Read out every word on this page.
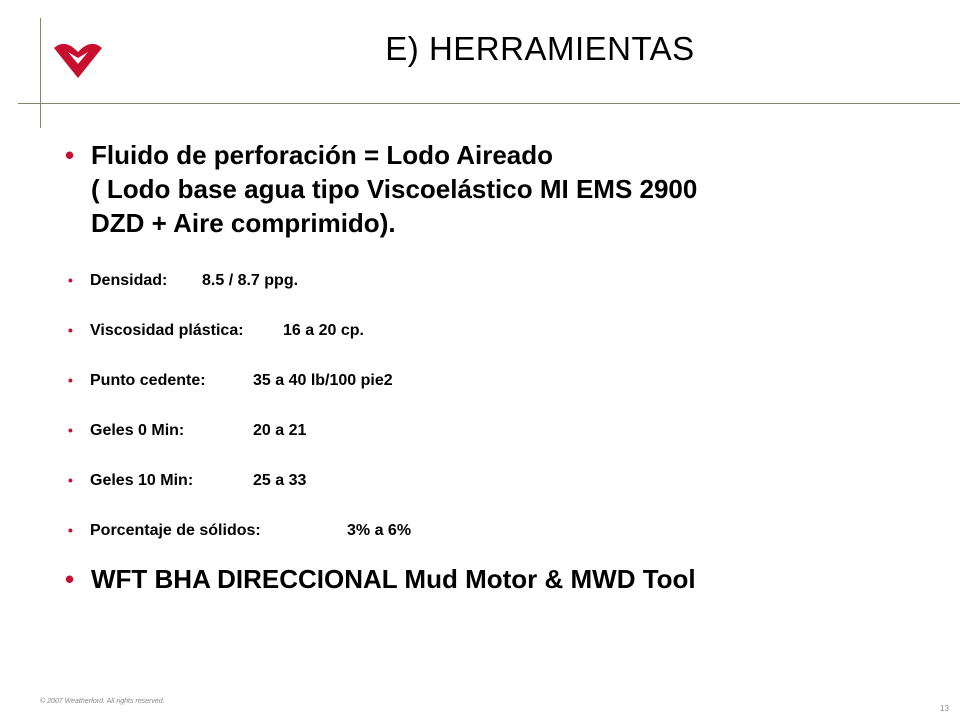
E) HERRAMIENTAS
• Fluido de perforación = Lodo Aireado
( Lodo base agua tipo Viscoelástico MI EMS 2900
DZD + Aire comprimido).
• Densidad: 8.5 / 8.7 ppg.
• Viscosidad plástica: 16 a 20 cp.
• Punto cedente:	35 a 40 lb/100 pie2
• Geles 0 Min:	20 a 21
• Geles 10 Min:	25 a 33
• Porcentaje de sólidos:	3% a 6%
• WFT BHA DIRECCIONAL Mud Motor & MWD Tool
© 2007 Weatherford. All rights reserved.
13
